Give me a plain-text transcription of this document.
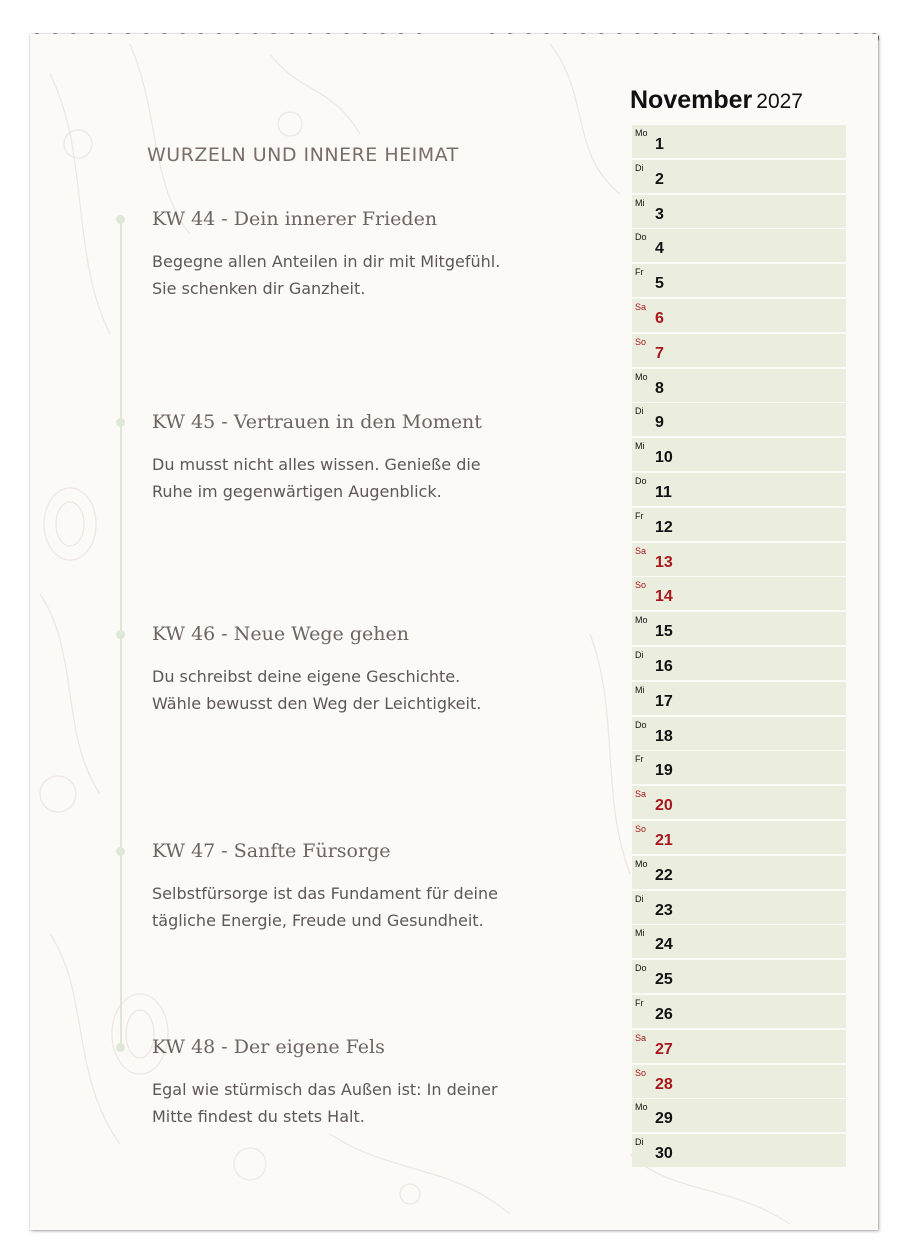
WURZELN UND INNERE HEIMAT
KW 44 - Dein innerer Frieden
Begegne allen Anteilen in dir mit Mitgefühl.
Sie schenken dir Ganzheit.
KW 45 - Vertrauen in den Moment
Du musst nicht alles wissen. Genieße die
Ruhe im gegenwärtigen Augenblick.
KW 46 - Neue Wege gehen
Du schreibst deine eigene Geschichte.
Wähle bewusst den Weg der Leichtigkeit.
KW 47 - Sanfte Fürsorge
Selbstfürsorge ist das Fundament für deine
tägliche Energie, Freude und Gesundheit.
KW 48 - Der eigene Fels
Egal wie stürmisch das Außen ist: In deiner
Mitte findest du stets Halt.
November 2027
Mo
1
Di
2
Mi
3
Do
4
Fr
5
Sa
6
So
7
Mo
8
Di
9
Mi
10
Do
11
Fr
12
Sa
13
So
14
Mo
15
Di
16
Mi
17
Do
18
Fr
19
Sa
20
So
21
Mo
22
Di
23
Mi
24
Do
25
Fr
26
Sa
27
So
28
Mo
29
Di
30
